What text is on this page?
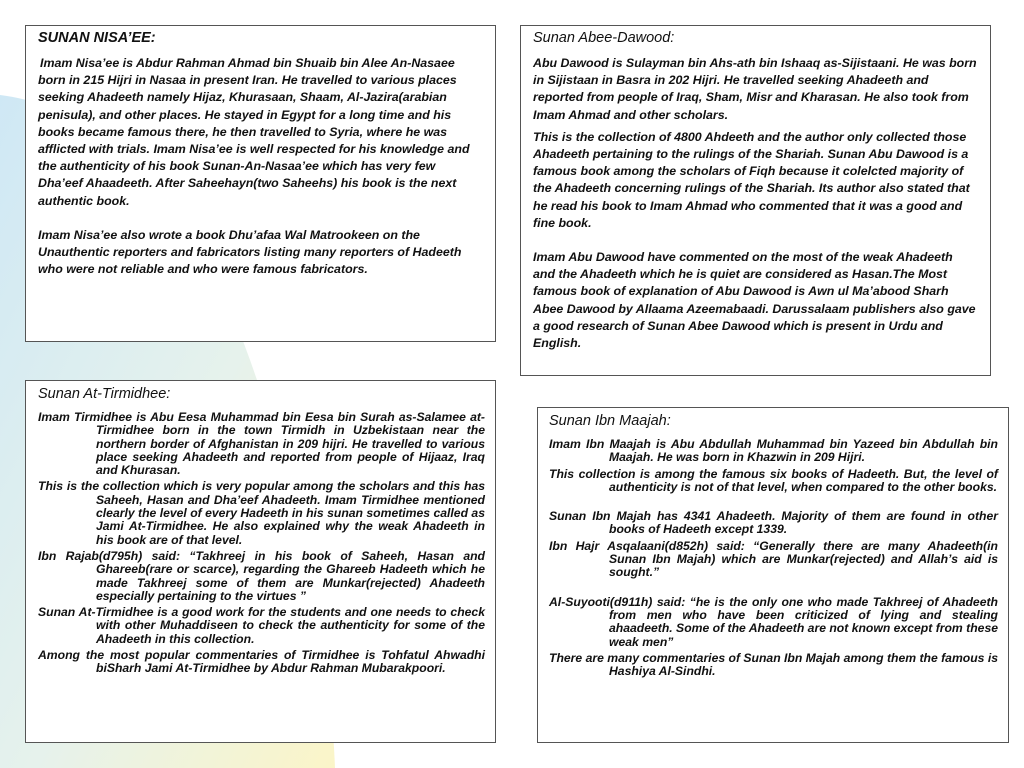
SUNAN NISA’EE:

Imam Nisa’ee is Abdur Rahman Ahmad bin Shuaib bin Alee An-Nasaee born in 215 Hijri in Nasaa in present Iran. He travelled to various places seeking Ahadeeth namely Hijaz, Khurasaan, Shaam, Al-Jazira(arabian penisula), and other places. He stayed in Egypt for a long time and his books became famous there, he then travelled to Syria, where he was afflicted with trials. Imam Nisa’ee is well respected for his knowledge and the authenticity of his book Sunan-An-Nasaa’ee which has very few Dha’eef Ahaadeeth. After Saheehayn(two Saheehs) his book is the next authentic book.

Imam Nisa’ee also wrote a book Dhu’afaa Wal Matrookeen on the Unauthentic reporters and fabricators listing many reporters of Hadeeth who were not reliable and who were famous fabricators.

Sunan Abee-Dawood:

Abu Dawood is Sulayman bin Ahs-ath bin Ishaaq as-Sijistaani. He was born in Sijistaan in Basra in 202 Hijri. He travelled seeking Ahadeeth and reported from people of Iraq, Sham, Misr and Kharasan. He also took from Imam Ahmad and other scholars.

This is the collection of 4800 Ahdeeth and the author only collected those Ahadeeth pertaining to the rulings of the Shariah. Sunan Abu Dawood is a famous book among the scholars of Fiqh because it colelcted majority of the Ahadeeth concerning rulings of the Shariah. Its author also stated that he read his book to Imam Ahmad who commented that it was a good and fine book.

Imam Abu Dawood have commented on the most of the weak Ahadeeth and the Ahadeeth which he is quiet are considered as Hasan.The Most famous book of explanation of Abu Dawood is Awn ul Ma’abood Sharh Abee Dawood by Allaama Azeemabaadi. Darussalaam publishers also gave a good research of Sunan Abee Dawood which is present in Urdu and English.

Sunan At-Tirmidhee:

Imam Tirmidhee is Abu Eesa Muhammad bin Eesa bin Surah as-Salamee at-Tirmidhee born in the town Tirmidh in Uzbekistaan near the northern border of Afghanistan in 209 hijri. He travelled to various place seeking Ahadeeth and reported from people of Hijaaz, Iraq and Khurasan.

This is the collection which is very popular among the scholars and this has Saheeh, Hasan and Dha’eef Ahadeeth. Imam Tirmidhee mentioned clearly the level of every Hadeeth in his sunan sometimes called as Jami At-Tirmidhee. He also explained why the weak Ahadeeth in his book are of that level.

Ibn Rajab(d795h) said: “Takhreej in his book of Saheeh, Hasan and Ghareeb(rare or scarce), regarding the Ghareeb Hadeeth which he made Takhreej some of them are Munkar(rejected) Ahadeeth especially pertaining to the virtues ”

Sunan At-Tirmidhee is a good work for the students and one needs to check with other Muhaddiseen to check the authenticity for some of the Ahadeeth in this collection.

Among the most popular commentaries of Tirmidhee is Tohfatul Ahwadhi biSharh Jami At-Tirmidhee by Abdur Rahman Mubarakpoori.

Sunan Ibn Maajah:

Imam Ibn Maajah is Abu Abdullah Muhammad bin Yazeed bin Abdullah bin Maajah. He was born in Khazwin in 209 Hijri.

This collection is among the famous six books of Hadeeth. But, the level of authenticity is not of that level, when compared to the other books.

Sunan Ibn Majah has 4341 Ahadeeth. Majority of them are found in other books of Hadeeth except 1339.

Ibn Hajr Asqalaani(d852h) said: “Generally there are many Ahadeeth(in Sunan Ibn Majah) which are Munkar(rejected) and Allah’s aid is sought.”

Al-Suyooti(d911h) said: “he is the only one who made Takhreej of Ahadeeth from men who have been criticized of lying and stealing ahaadeeth. Some of the Ahadeeth are not known except from these weak men”

There are many commentaries of Sunan Ibn Majah among them the famous is Hashiya Al-Sindhi.
